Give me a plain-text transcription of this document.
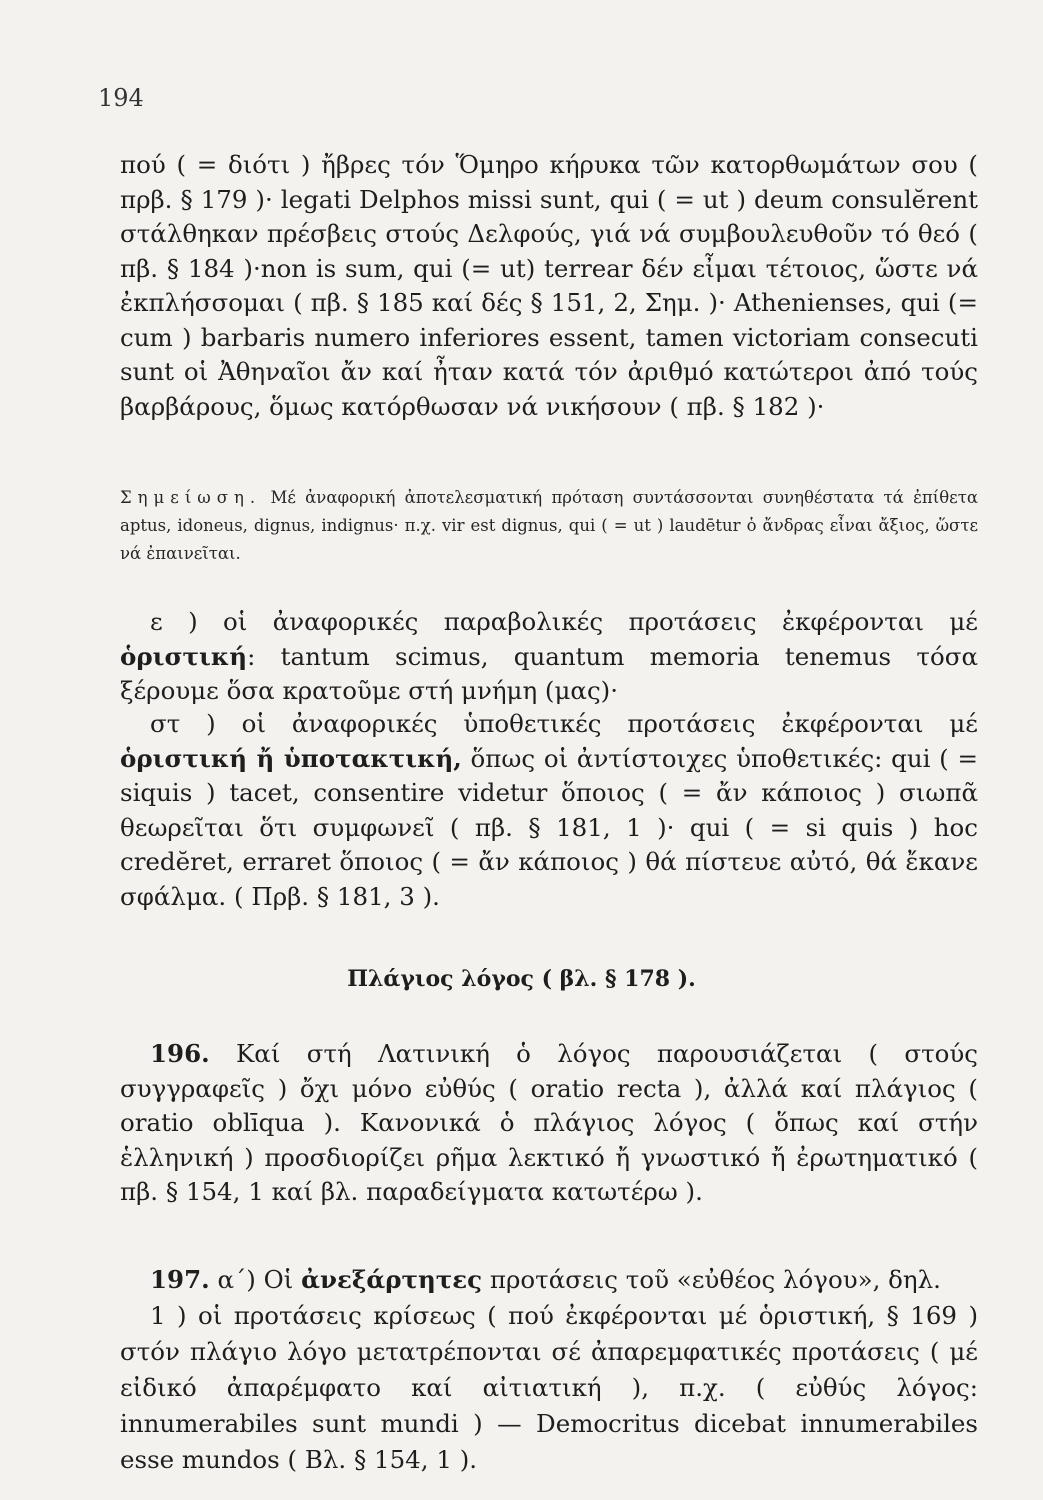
194

πού ( = διότι ) ἤβρες τόν Ὅμηρο κήρυκα τῶν κατορθωμάτων σου ( πρβ. § 179 )· legati Delphos missi sunt, qui ( = ut ) deum consulĕrent στάλθηκαν πρέσβεις στούς Δελφούς, γιά νά συμβουλευθοῦν τό θεό ( πβ. § 184 )·non is sum, qui (= ut) terrear δέν εἶμαι τέτοιος, ὥστε νά ἐκπλήσσομαι ( πβ. § 185 καί δές § 151, 2, Σημ. )· Athenienses, qui (= cum ) barbaris numero inferiores essent, tamen victoriam consecuti sunt οἱ Ἀθηναῖοι ἄν καί ἦταν κατά τόν ἀριθμό κατώτεροι ἀπό τούς βαρβάρους, ὅμως κατόρθωσαν νά νικήσουν ( πβ. § 182 )·

Σημείωση. Μέ ἀναφορική ἀποτελεσματική πρόταση συντάσσονται συνηθέστατα τά ἐπίθετα aptus, idoneus, dignus, indignus· π.χ. vir est dignus, qui ( = ut ) laudētur ὁ ἄνδρας εἶναι ἄξιος, ὥστε νά ἐπαινεῖται.

ε ) οἱ ἀναφορικές παραβολικές προτάσεις ἐκφέρονται μέ ὁριστική: tantum scimus, quantum memoria tenemus τόσα ξέρουμε ὅσα κρατοῦμε στή μνήμη (μας)·

στ ) οἱ ἀναφορικές ὑποθετικές προτάσεις ἐκφέρονται μέ ὁριστική ἤ ὑποτακτική, ὅπως οἱ ἀντίστοιχες ὑποθετικές: qui ( = siquis ) tacet, consentire videtur ὅποιος ( = ἄν κάποιος ) σιωπᾶ θεωρεῖται ὅτι συμφωνεῖ ( πβ. § 181, 1 )· qui ( = si quis ) hoc credĕret, erraret ὅποιος ( = ἄν κάποιος ) θά πίστευε αὐτό, θά ἔκανε σφάλμα. ( Πρβ. § 181, 3 ).

Πλάγιος λόγος ( βλ. § 178 ).

196. Καί στή Λατινική ὁ λόγος παρουσιάζεται ( στούς συγγραφεῖς ) ὄχι μόνο εὐθύς ( oratio recta ), ἀλλά καί πλάγιος ( oratio oblīqua ). Κανονικά ὁ πλάγιος λόγος ( ὅπως καί στήν ἑλληνική ) προσδιορίζει ρῆμα λεκτικό ἤ γνωστικό ἤ ἐρωτηματικό ( πβ. § 154, 1 καί βλ. παραδείγματα κατωτέρω ).

197. α΄) Οἱ ἀνεξάρτητες προτάσεις τοῦ «εὐθέος λόγου», δηλ.
1 ) οἱ προτάσεις κρίσεως ( πού ἐκφέρονται μέ ὁριστική, § 169 ) στόν πλάγιο λόγο μετατρέπονται σέ ἀπαρεμφατικές προτάσεις ( μέ εἰδικό ἀπαρέμφατο καί αἰτιατική ), π.χ. ( εὐθύς λόγος: innumerabiles sunt mundi ) — Democritus dicebat innumerabiles esse mundos ( Βλ. § 154, 1 ).
